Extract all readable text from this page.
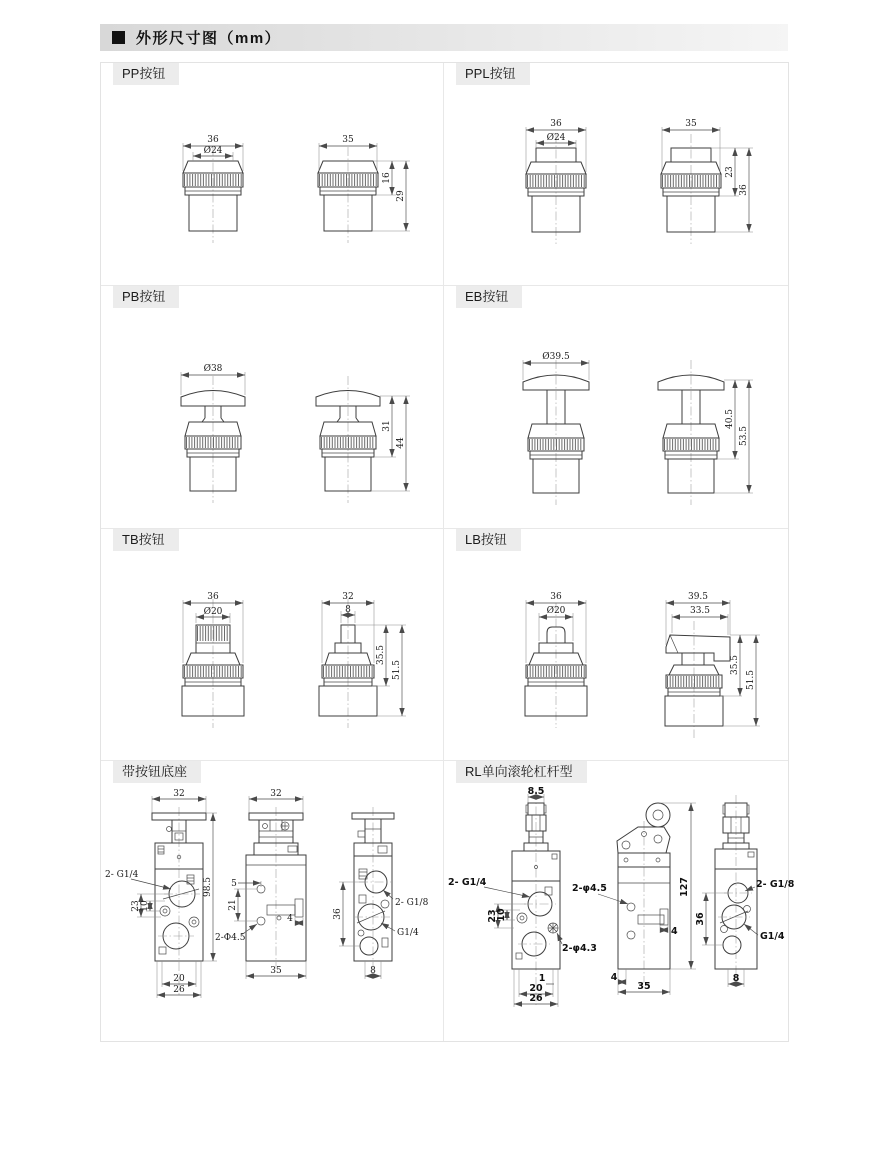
外形尺寸图（mm）
PP按钮
36
Ø24
35
16
29
PPL按钮
36
Ø24
35
23
36
PB按钮
Ø38
31
44
EB按钮
Ø39.5
40.5
53.5
TB按钮
36
Ø20
32
8
35.5
51.5
LB按钮
36
Ø20
39.5
33.5
35.5
51.5
带按钮底座
32
2- G1/4
23 10
98.5
20
26
32
5
21
2-Φ4.5
4
35
2- G1/8
G1/4
36
8
RL单向滚轮杠杆型
8.5
2- G1/4
23
10
2-φ4.3
1
20
26
2-φ4.5
4
127
4
35
2- G1/8
G1/4
36
8
